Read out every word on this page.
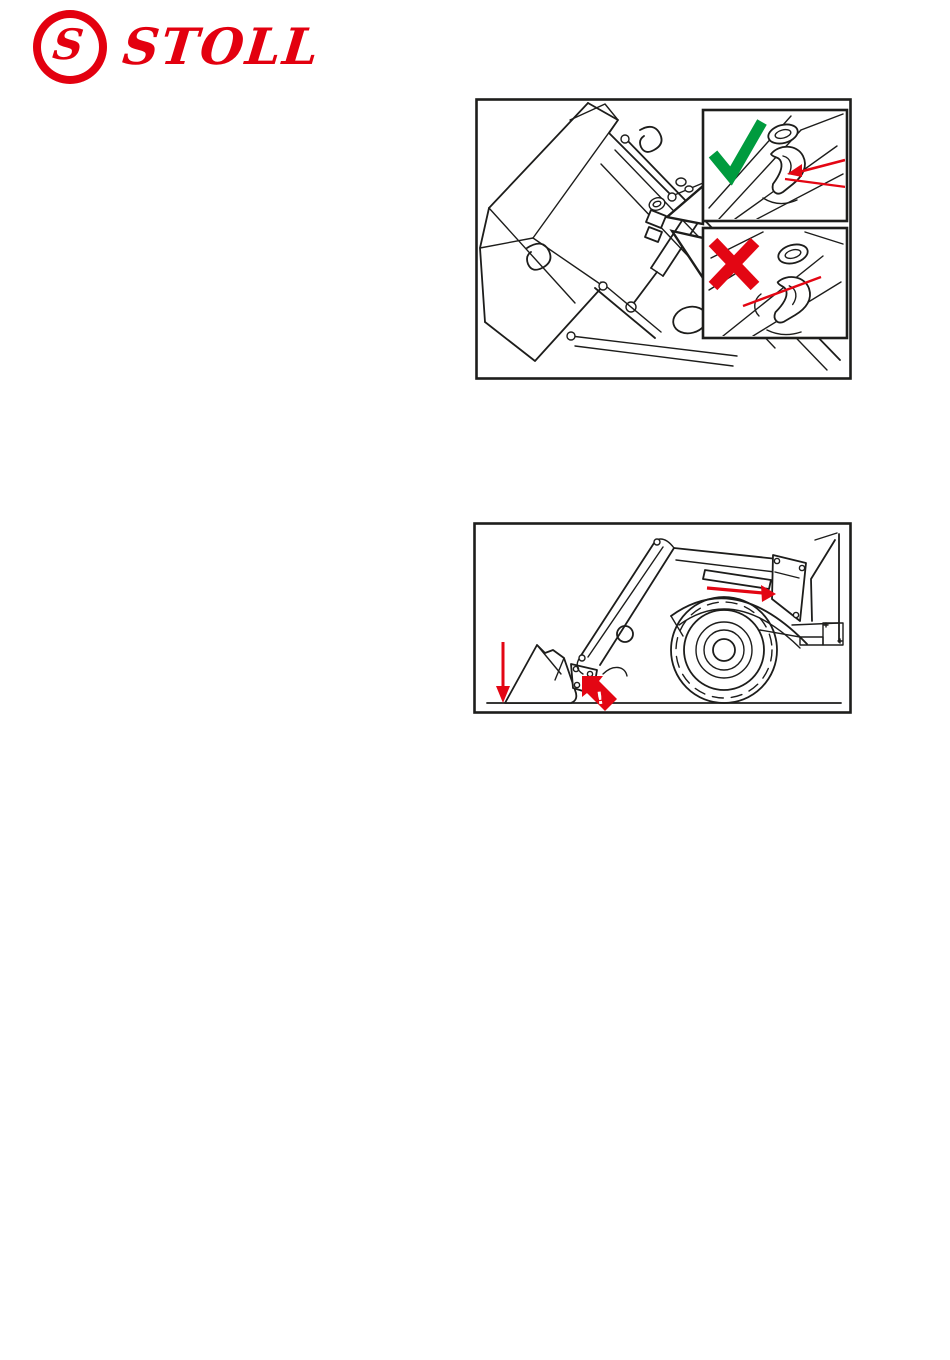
S STOLL
!
